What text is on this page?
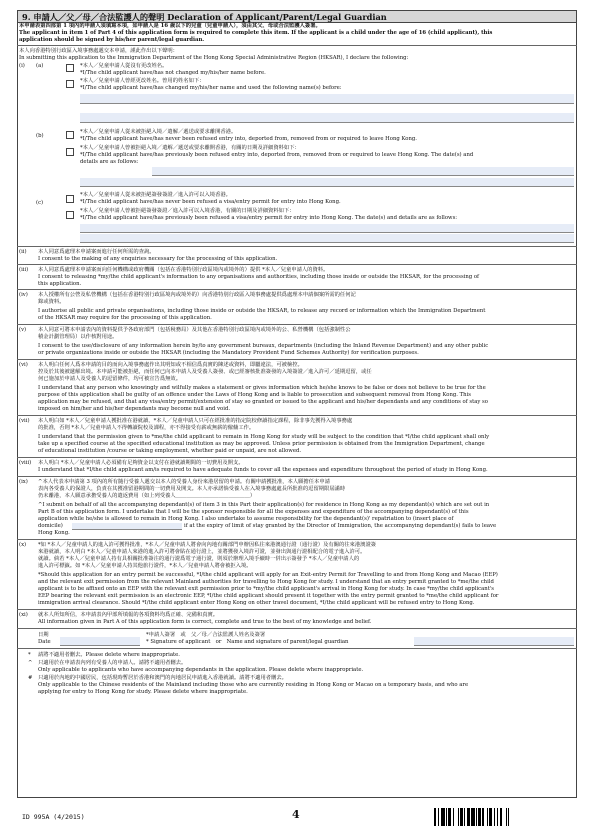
9. 申請人／父／母／合法監護人的聲明 Declaration of Applicant/Parent/Legal Guardian
本申請表第四部第 1 項內的申請人須填寫本項，如申請人是 16 歲以下的兒童（兒童申請人），須由其父、母或合法監護人簽署。
The applicant in item 1 of Part 4 of this application form is required to complete this item. If the applicant is a child under the age of 16 (child applicant), this
application should be signed by his/her parent/legal guardian.
本人向香港特別行政區入境事務處遞交本申請，謹此作出以下聲明：
In submitting this application to the Immigration Department of the Hong Kong Special Administrative Region (HKSAR), I declare the following:
(i) (a)	*本人／兒童申請人從沒有更改姓名。
*I/The child applicant have/has not changed my/his/her name before.
*本人／兒童申請人曾經更改姓名。曾用的姓名如下：
*I/The child applicant have/has changed my/his/her name and used the following name(s) before:
(b)
*本人／兒童申請人從未被拒絕入境／遣解／遞送或要求離開香港。
*I/The child applicant have/has never been refused entry into, deported from, removed from or required to leave Hong Kong.
*本人／兒童申請人曾被拒絕入境／遣解／遞送或要求離開香港，有關的日期及詳細資料如下：
*I/The child applicant have/has previously been refused entry into, deported from, removed from or required to leave Hong Kong. The date(s) and
details are as follows:
(c)
*本人／兒童申請人從未被拒絕簽發簽證／進入許可以入境香港。
*I/The child applicant have/has never been refused a visa/entry permit for entry into Hong Kong.
*本人／兒童申請人曾被拒絕簽發簽證／進入許可以入境香港，有關的日期及詳細資料如下：
*I/The child applicant have/has previously been refused a visa/entry permit for entry into Hong Kong. The date(s) and details are as follows:
(ii) 本人同意爲處理本申請案而進行任何所需的查詢。
I consent to the making of any enquiries necessary for the processing of this application.
(iii) 本人同意爲處理本申請案而向任何機構或政府機關（包括在香港特別行政區境內或境外的）提供 *本人／兒童申請人的資料。
I consent to releasing *my/the child applicant's information to any organisations and authorities, including those inside or outside the HKSAR, for the processing of
this application.
(iv) 本人授權所有公營及私營機構（包括在香港特別行政區境內或境外的）向香港特別行政區入境事務處提供爲處理本申請個案所需的任何記
錄或資料。
I authorise all public and private organisations, including those inside or outside the HKSAR, to release any record or information which the Immigration Department
of the HKSAR may require for the processing of this application.
(v) 本人同意可將本申請表內的資料提供予各政府部門（包括稅務局）及其他在香港特別行政區境內或境外的公、私營機構（包括強制性公
積金計劃管理局）以作核對用途。
I consent to the use/disclosure of any information herein by/to any government bureaux, departments (including the Inland Revenue Department) and any other public
or private organizations inside or outside the HKSAR (including the Mandatory Provident Fund Schemes Authority) for verification purposes.
(vi) 本人明白任何人爲本申請的目的而向入境事務處作出其明知或不相信爲真實的陳述或資料，即屬違法，可被檢控。
控及於其後被遞解出境。本申請可能被拒絕，而任何已向本申請人及受養人簽發、或已經審核批准簽發的入境簽證／進入許可／延期逗留，或任
何已施加於申請人及受養人的逗留條件，均可被宣告爲無效。
I understand that any person who knowingly and wilfully makes a statement or gives information which he/she knows to be false or does not believe to be true for the
purpose of this application shall be guilty of an offence under the Laws of Hong Kong and is liable to prosecution and subsequent removal from Hong Kong. This
application may be refused, and that any visa/entry permit/extension of stay so granted or issued to the applicant and his/her dependants and any conditions of stay so
imposed on him/her and his/her dependants may become null and void.
(vii) 本人明白如 *本人／兒童申請人獲批准在港就讀，*本人／兒童申請人只可在經批准的指定院校修讀指定課程，除非事先獲得入境事務處
的批准，否則 *本人／兒童申請人不得轉讀院校及課程，亦不得接受有薪或無薪的僱傭工作。
I understand that the permission given to *me/the child applicant to remain in Hong Kong for study will be subject to the condition that *I/the child applicant shall only
take up a specified course at the specified educational institution as may be approved. Unless prior permission is obtained from the Immigration Department, change
of educational institution /course or taking employment, whether paid or unpaid, are not allowed.
(viii) 本人明白 *本人／兒童申請人必須備有足夠資金以支付在港就讀期間的一切費用及開支。
I understand that *I/the child applicant am/is required to have adequate funds to cover all the expenses and expenditure throughout the period of study in Hong Kong.
(ix) ^本人代表本申請第 3 項內的所有隨行受養人遞交以本人的受養人身份來港居留的申請。有關申請獲批准，本人願擔任本申請
表內各受養人的保證人，負責在其獲准留港期間的一切費用及開支。本人亦承諾倘受養人在入境事務處處長所批准的逗留期限屆滿時
仍未離港，本人願意承擔受養人的遣返費用（如上列受養人＿＿＿＿＿＿＿＿＿＿＿＿＿＿）
^I submit on behalf of all the accompanying dependant(s) of item 3 in this Part their application(s) for residence in Hong Kong as my dependant(s) which are set out in
Part B of this application form. I undertake that I will be the sponsor responsible for all the expenses and expenditure of the accompanying dependant(s) of this
application while he/she is allowed to remain in Hong Kong. I also undertake to assume responsibility for the dependant(s)' repatriation to (insert place of
domicile)	if at the expiry of limit of stay granted by the Director of Immigration, the accompanying dependant(s) fails to leave
Hong Kong.
(x) *如 *本人／兒童申請人的進入許可獲得批准，*本人／兒童申請人將會向內地有關部門申辦因私往來港澳通行證（通行證）及有關的往來港澳證簽
來港就讀，本人明白 *本人／兒童申請人來港的進入許可將會貼在通行證上，並將獲發入境許可證，並發出與通行證相配合的電子進入許可。
就讀。倘若 *本人／兒童申請人持有具相關批准簽注的通行證爲電子通行證，則須於辦理入境手續時一併出示簽發予 *本人／兒童申請人的
進入許可標籤。如 *本人／兒童申請人持其他旅行證件，*本人／兒童申請人將會被拒入境。
*Should this application for an entry permit be successful, *I/the child applicant will apply for an Exit-entry Permit for Travelling to and from Hong Kong and Macao (EEP)
and the relevant exit permission from the relevant Mainland authorities for travelling to Hong Kong for study. I understand that an entry permit granted to *me/the child
applicant is to be affixed onto an EEP with the relevant exit permission prior to *my/the child applicant's arrival in Hong Kong for study. In case *my/the child applicant's
EEP bearing the relevant exit permission is an electronic EEP, *I/the child applicant should present it together with the entry permit granted to *me/the child applicant for
immigration arrival clearance. Should *I/the child applicant enter Hong Kong on other travel document, *I/the child applicant will be refused entry to Hong Kong.
(xi) 就本人所知所信，本申請表內甲部所填報的各項資料均爲正確、完備和真實。
All information given in Part A of this application form is correct, complete and true to the best of my knowledge and belief.
日期
Date
*申請人簽署　或　父／母／合法監護人姓名及簽署
* Signature of applicant　or　Name and signature of parent/legal guardian
* 請將不適用者刪去。Please delete where inappropriate.
^ 只適用於在申請表內列有受養人的申請人。請將不適用者刪去。
Only applicable to applicants who have accompanying dependants in the application. Please delete where inappropriate.
# 只適用於內地的中國居民，包括現時暫居於香港和澳門的內地居民申請進入香港就讀。請將不適用者刪去。
Only applicable to the Chinese residents of the Mainland including those who are currently residing in Hong Kong or Macao on a temporary basis, and who are
applying for entry to Hong Kong for study. Please delete where inappropriate.
ID 995A (4/2015)	4
